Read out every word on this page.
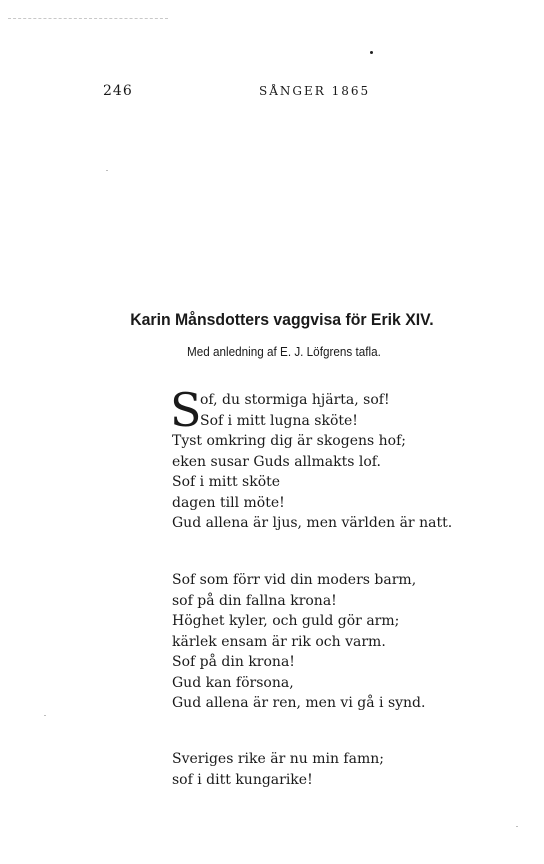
246	SÅNGER 1865
Karin Månsdotters vaggvisa för Erik XIV.
Med anledning af E. J. Löfgrens tafla.
S
of, du stormiga hjärta, sof!
Sof i mitt lugna sköte!
Tyst omkring dig är skogens hof;
eken susar Guds allmakts lof.
Sof i mitt sköte
dagen till möte!
Gud allena är ljus, men världen är natt.
Sof som förr vid din moders barm,
sof på din fallna krona!
Höghet kyler, och guld gör arm;
kärlek ensam är rik och varm.
Sof på din krona!
Gud kan försona,
Gud allena är ren, men vi gå i synd.
Sveriges rike är nu min famn;
sof i ditt kungarike!
